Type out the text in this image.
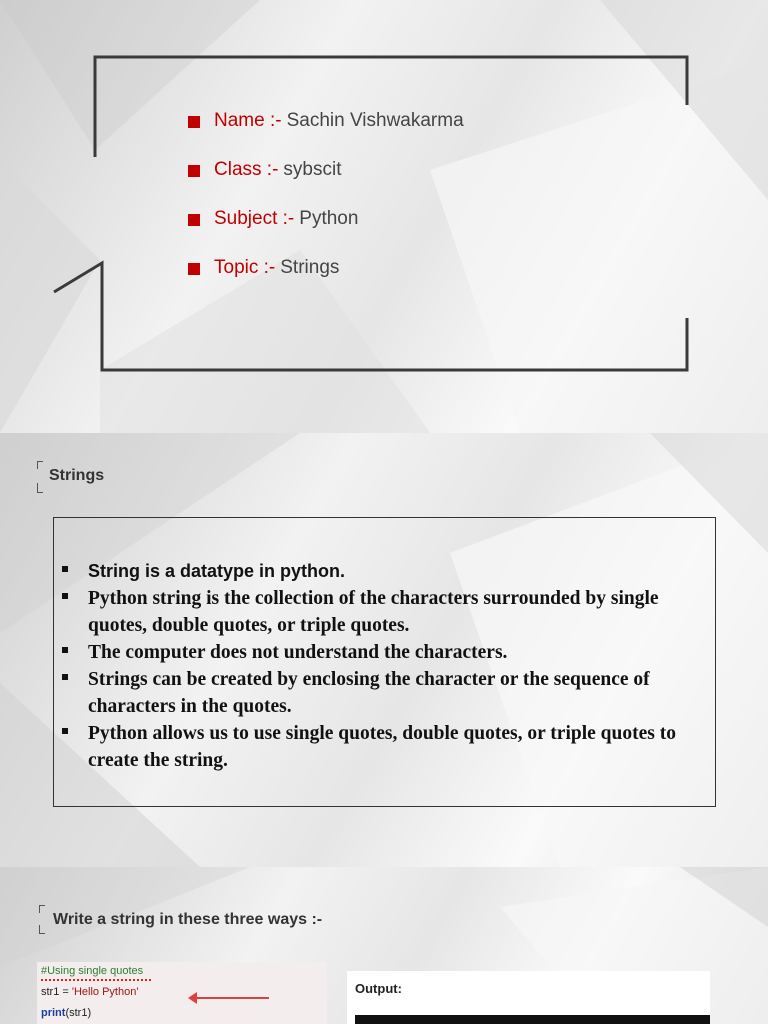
Name :- Sachin Vishwakarma
Class :- sybscit
Subject :- Python
Topic :- Strings
Strings
String is a datatype in python.
Python string is the collection of the characters surrounded by single quotes, double quotes, or triple quotes.
The computer does not understand the characters.
Strings can be created by enclosing the character or the sequence of characters in the quotes.
Python allows us to use single quotes, double quotes, or triple quotes to create the string.
Write a string in these three ways :-
#Using single quotes
str1 = 'Hello Python'
print(str1)
Output:
